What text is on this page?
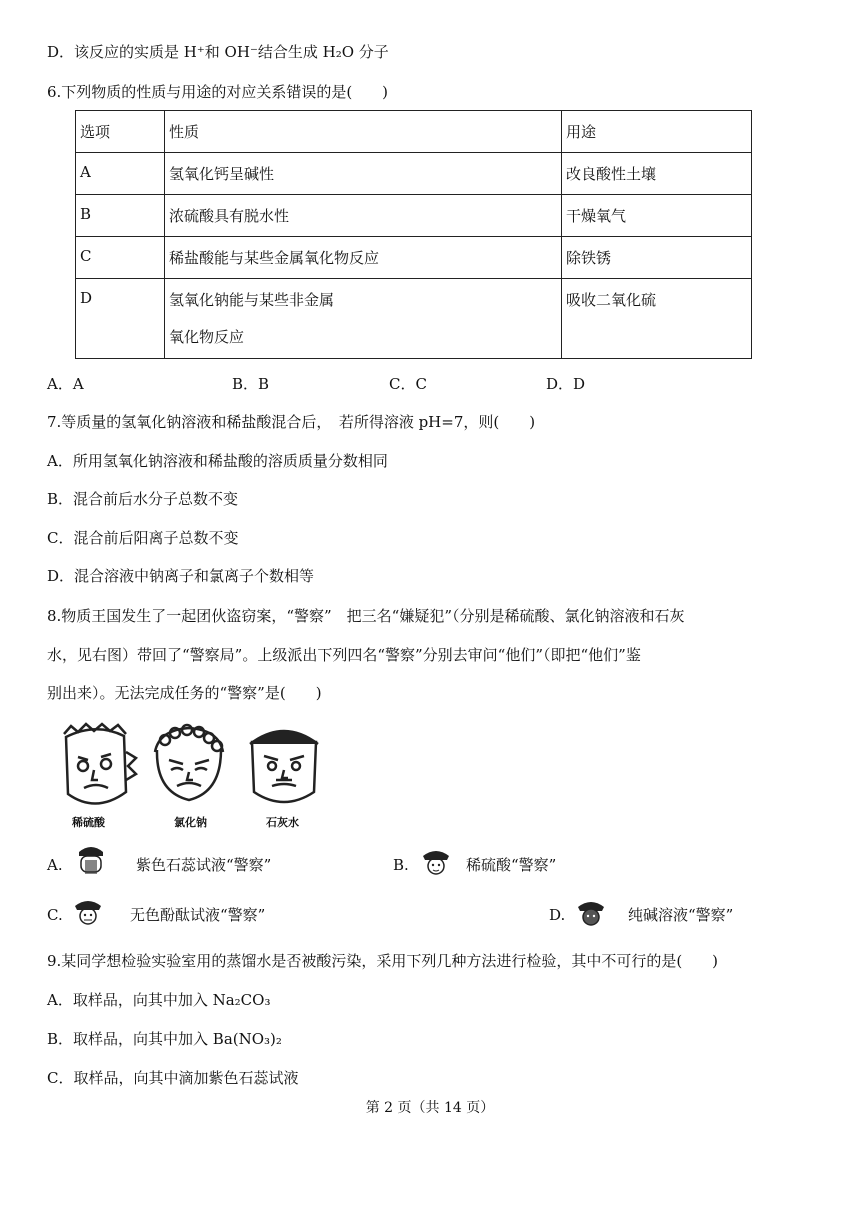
D．该反应的实质是 H⁺和 OH⁻结合生成 H₂O 分子
6.下列物质的性质与用途的对应关系错误的是(　　)
选项	性质	用途
A	氢氧化钙呈碱性	改良酸性土壤
B	浓硫酸具有脱水性	干燥氧气
C	稀盐酸能与某些金属氧化物反应	除铁锈
D	氢氧化钠能与某些非金属
氧化物反应	吸收二氧化硫
A．A	B．B	C．C	D．D
7.等质量的氢氧化钠溶液和稀盐酸混合后，　若所得溶液 pH=7，则(　　)
A．所用氢氧化钠溶液和稀盐酸的溶质质量分数相同
B．混合前后水分子总数不变
C．混合前后阳离子总数不变
D．混合溶液中钠离子和氯离子个数相等
8.物质王国发生了一起团伙盗窃案，“警察”　把三名“嫌疑犯”（分别是稀硫酸、氯化钠溶液和石灰
水，见右图）带回了“警察局”。上级派出下列四名“警察”分别去审问“他们”（即把“他们”鉴
别出来）。无法完成任务的“警察”是(　　)
稀硫酸	氯化钠	石灰水
A.	紫色石蕊试液“警察”	B.	稀硫酸“警察”
C.	无色酚酞试液“警察”	D.	纯碱溶液“警察”
9.某同学想检验实验室用的蒸馏水是否被酸污染，采用下列几种方法进行检验，其中不可行的是(　　)
A．取样品，向其中加入 Na₂CO₃
B．取样品，向其中加入 Ba(NO₃)₂
C．取样品，向其中滴加紫色石蕊试液
第 2 页（共 14 页）
